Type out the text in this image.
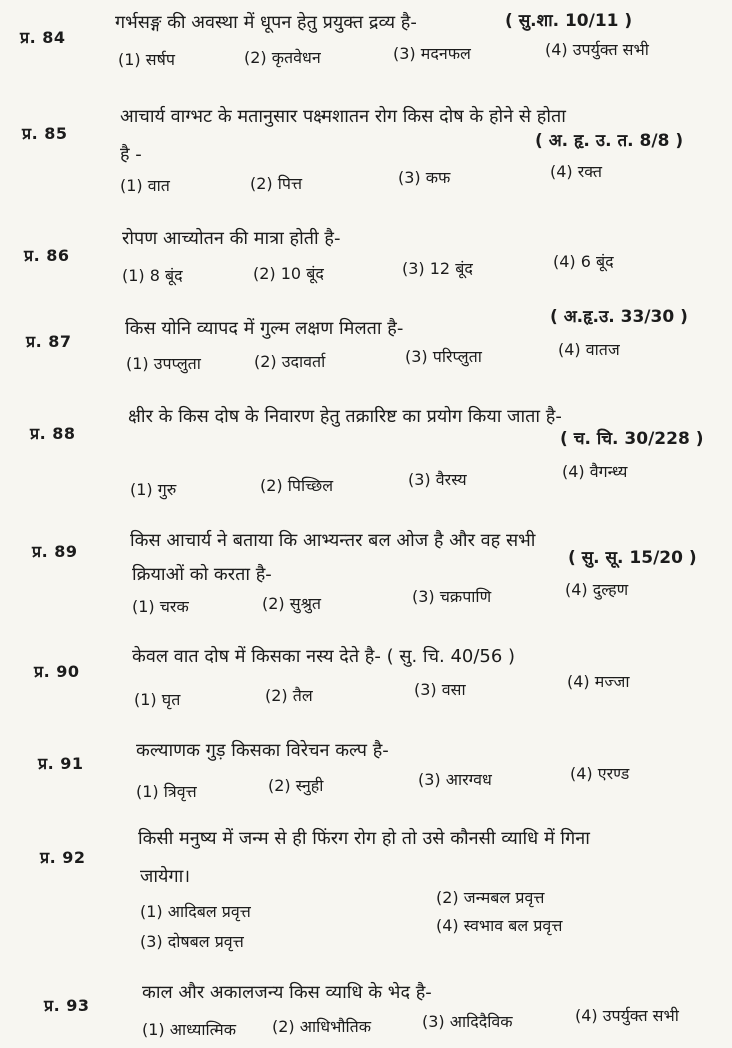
प्र. 84
गर्भसङ्ग की अवस्था में धूपन हेतु प्रयुक्त द्रव्य है-	( सु.शा. 10/11 )
(1) सर्षप	(2) कृतवेधन	(3) मदनफल	(4) उपर्युक्त सभी
प्र. 85
आचार्य वाग्भट के मतानुसार पक्ष्मशातन रोग किस दोष के होने से होता
( अ. हृ. उ. त. 8/8 )
है -
(1) वात	(2) पित्त	(3) कफ	(4) रक्त
प्र. 86
रोपण आच्योतन की मात्रा होती है-
(1) 8 बूंद	(2) 10 बूंद	(3) 12 बूंद	(4) 6 बूंद
प्र. 87
किस योनि व्यापद में गुल्म लक्षण मिलता है-
( अ.हृ.उ. 33/30 )
(1) उपप्लुता	(2) उदावर्ता	(3) परिप्लुता	(4) वातज
प्र. 88
क्षीर के किस दोष के निवारण हेतु तक्रारिष्ट का प्रयोग किया जाता है-
( च. चि. 30/228 )
(1) गुरु	(2) पिच्छिल	(3) वैरस्य	(4) वैगन्ध्य
प्र. 89
किस आचार्य ने बताया कि आभ्यन्तर बल ओज है और वह सभी
( सु. सू. 15/20 )
क्रियाओं को करता है-
(1) चरक	(2) सुश्रुत	(3) चक्रपाणि	(4) दुल्हण
प्र. 90
केवल वात दोष में किसका नस्य देते है- ( सु. चि. 40/56 )
(1) घृत	(2) तैल	(3) वसा	(4) मज्जा
प्र. 91
कल्याणक गुड़ किसका विरेचन कल्प है-
(1) त्रिवृत्त	(2) स्नुही	(3) आरग्वध	(4) एरण्ड
प्र. 92
किसी मनुष्य में जन्म से ही फिंरग रोग हो तो उसे कौनसी व्याधि में गिना
जायेगा।
(1) आदिबल प्रवृत्त
(2) जन्मबल प्रवृत्त
(3) दोषबल प्रवृत्त
(4) स्वभाव बल प्रवृत्त
प्र. 93
काल और अकालजन्य किस व्याधि के भेद है-
(1) आध्यात्मिक (2) आधिभौतिक	(3) आदिदैविक	(4) उपर्युक्त सभी
